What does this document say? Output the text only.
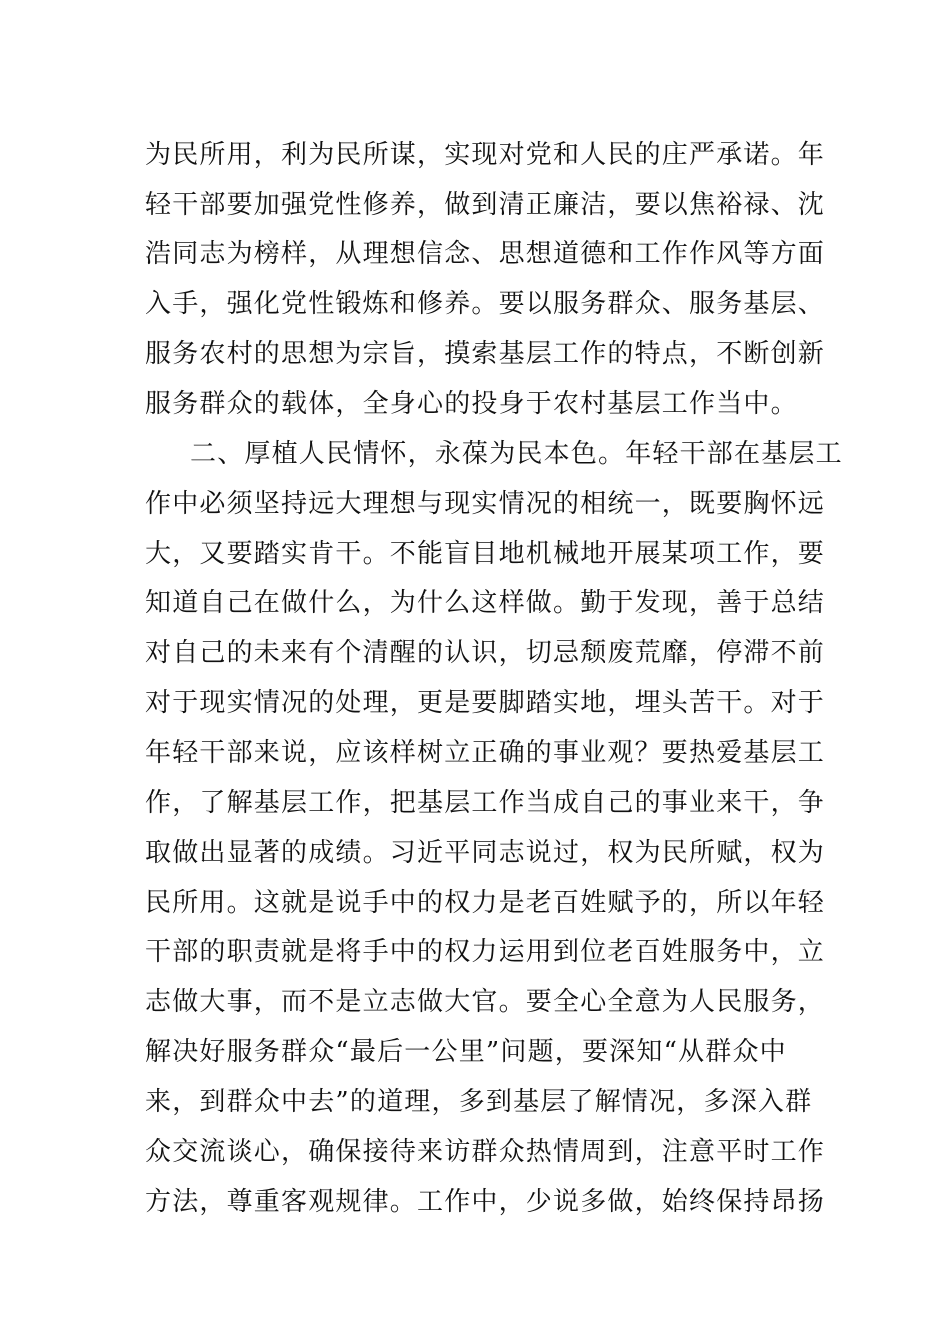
为民所用，利为民所谋，实现对党和人民的庄严承诺。年
轻干部要加强党性修养，做到清正廉洁，要以焦裕禄、沈
浩同志为榜样，从理想信念、思想道德和工作作风等方面
入手，强化党性锻炼和修养。要以服务群众、服务基层、
服务农村的思想为宗旨，摸索基层工作的特点，不断创新
服务群众的载体，全身心的投身于农村基层工作当中。
二、厚植人民情怀，永葆为民本色。年轻干部在基层工
作中必须坚持远大理想与现实情况的相统一，既要胸怀远
大，又要踏实肯干。不能盲目地机械地开展某项工作，要
知道自己在做什么，为什么这样做。勤于发现，善于总结
对自己的未来有个清醒的认识，切忌颓废荒靡，停滞不前
对于现实情况的处理，更是要脚踏实地，埋头苦干。对于
年轻干部来说，应该样树立正确的事业观？要热爱基层工
作，了解基层工作，把基层工作当成自己的事业来干，争
取做出显著的成绩。习近平同志说过，权为民所赋，权为
民所用。这就是说手中的权力是老百姓赋予的，所以年轻
干部的职责就是将手中的权力运用到位老百姓服务中，立
志做大事，而不是立志做大官。要全心全意为人民服务，
解决好服务群众“最后一公里”问题，要深知“从群众中
来，到群众中去”的道理，多到基层了解情况，多深入群
众交流谈心，确保接待来访群众热情周到，注意平时工作
方法，尊重客观规律。工作中，少说多做，始终保持昂扬
